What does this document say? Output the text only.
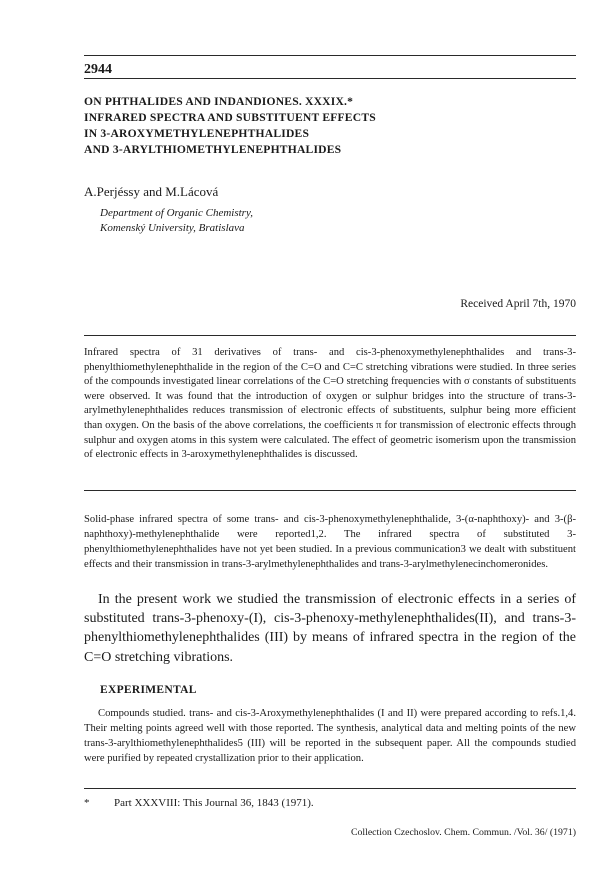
2944
ON PHTHALIDES AND INDANDIONES. XXXIX.*
INFRARED SPECTRA AND SUBSTITUENT EFFECTS
IN 3-AROXYMETHYLENEPHTHALIDES
AND 3-ARYLTHIOMETHYLENEPHTHALIDES
A.Perjéssy and M.Lácová
Department of Organic Chemistry,
Komenský University, Bratislava
Received April 7th, 1970
Infrared spectra of 31 derivatives of trans- and cis-3-phenoxymethylenephthalides and trans-3-phenylthiomethylenephthalide in the region of the C=O and C=C stretching vibrations were studied. In three series of the compounds investigated linear correlations of the C=O stretching frequencies with σ constants of substituents were observed. It was found that the introduction of oxygen or sulphur bridges into the structure of trans-3-arylmethylenephthalides reduces transmission of electronic effects of substituents, sulphur being more efficient than oxygen. On the basis of the above correlations, the coefficients π for transmission of electronic effects through sulphur and oxygen atoms in this system were calculated. The effect of geometric isomerism upon the transmission of electronic effects in 3-aroxymethylenephthalides is discussed.
Solid-phase infrared spectra of some trans- and cis-3-phenoxymethylenephthalide, 3-(α-naphthoxy)- and 3-(β-naphthoxy)-methylenephthalide were reported1,2. The infrared spectra of substituted 3-phenylthiomethylenephthalides have not yet been studied. In a previous communication3 we dealt with substituent effects and their transmission in trans-3-arylmethylenephthalides and trans-3-arylmethylenecinchomeronides.
In the present work we studied the transmission of electronic effects in a series of substituted trans-3-phenoxy-(I), cis-3-phenoxy-methylenephthalides(II), and trans-3-phenylthiomethylenephthalides (III) by means of infrared spectra in the region of the C=O stretching vibrations.
EXPERIMENTAL
Compounds studied. trans- and cis-3-Aroxymethylenephthalides (I and II) were prepared according to refs.1,4. Their melting points agreed well with those reported. The synthesis, analytical data and melting points of the new trans-3-arylthiomethylenephthalides5 (III) will be reported in the subsequent paper. All the compounds studied were purified by repeated crystallization prior to their application.
* Part XXXVIII: This Journal 36, 1843 (1971).
Collection Czechoslov. Chem. Commun. /Vol. 36/ (1971)
